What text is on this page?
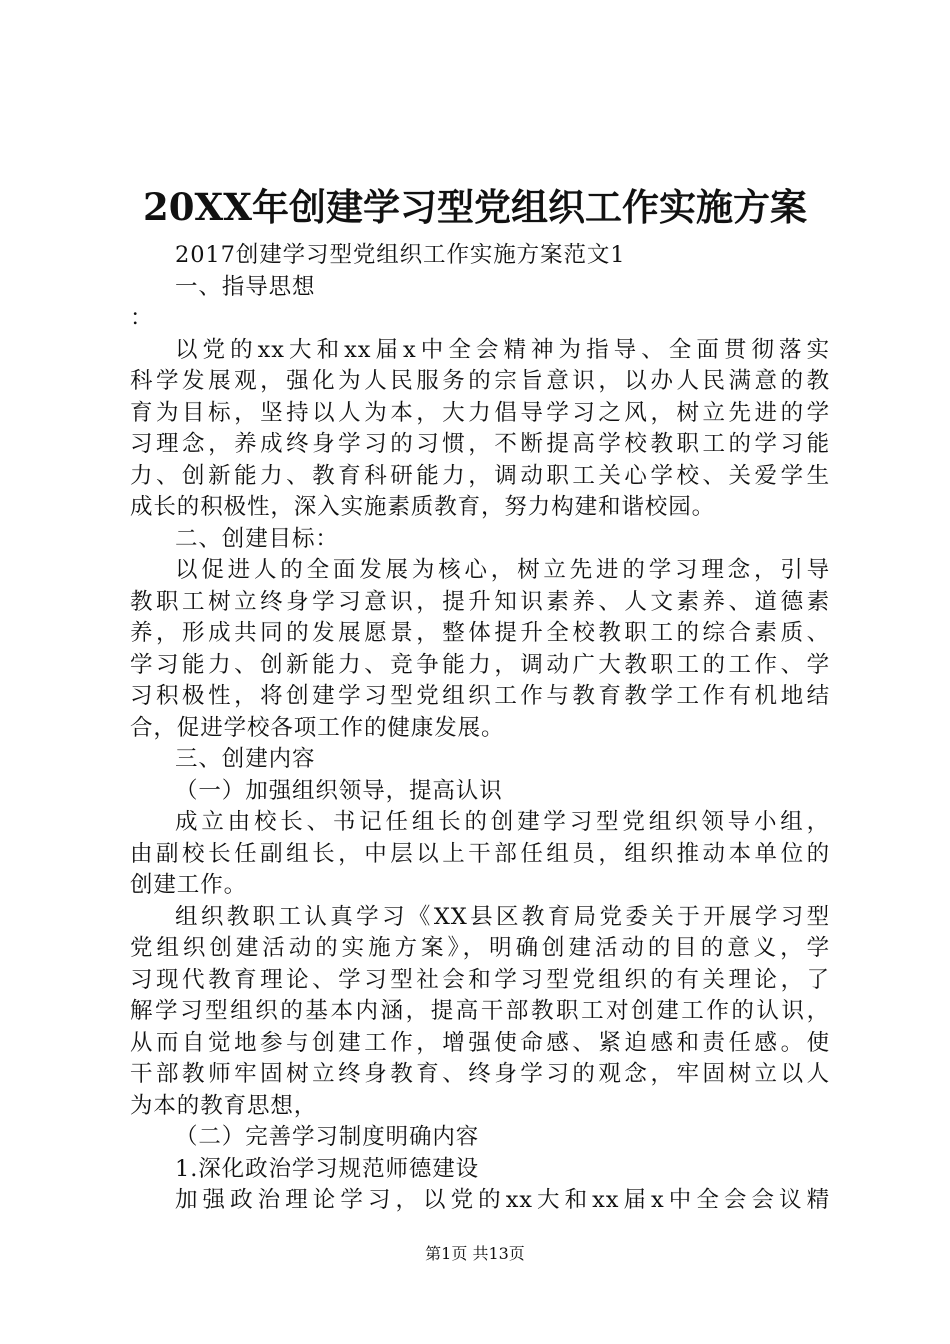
20XX年创建学习型党组织工作实施方案
2017创建学习型党组织工作实施方案范文1
一、指导思想
：
以党的xx大和xx届x中全会精神为指导、全面贯彻落实
科学发展观，强化为人民服务的宗旨意识，以办人民满意的教
育为目标，坚持以人为本，大力倡导学习之风，树立先进的学
习理念，养成终身学习的习惯，不断提高学校教职工的学习能
力、创新能力、教育科研能力，调动职工关心学校、关爱学生
成长的积极性，深入实施素质教育，努力构建和谐校园。
二、创建目标：
以促进人的全面发展为核心，树立先进的学习理念，引导
教职工树立终身学习意识，提升知识素养、人文素养、道德素
养，形成共同的发展愿景，整体提升全校教职工的综合素质、
学习能力、创新能力、竞争能力，调动广大教职工的工作、学
习积极性，将创建学习型党组织工作与教育教学工作有机地结
合，促进学校各项工作的健康发展。
三、创建内容
（一）加强组织领导，提高认识
成立由校长、书记任组长的创建学习型党组织领导小组，
由副校长任副组长，中层以上干部任组员，组织推动本单位的
创建工作。
组织教职工认真学习《XX县区教育局党委关于开展学习型
党组织创建活动的实施方案》，明确创建活动的目的意义，学
习现代教育理论、学习型社会和学习型党组织的有关理论，了
解学习型组织的基本内涵，提高干部教职工对创建工作的认识，
从而自觉地参与创建工作，增强使命感、紧迫感和责任感。使
干部教师牢固树立终身教育、终身学习的观念，牢固树立以人
为本的教育思想，
（二）完善学习制度明确内容
1.深化政治学习规范师德建设
加强政治理论学习，以党的xx大和xx届x中全会会议精
第1页 共13页
